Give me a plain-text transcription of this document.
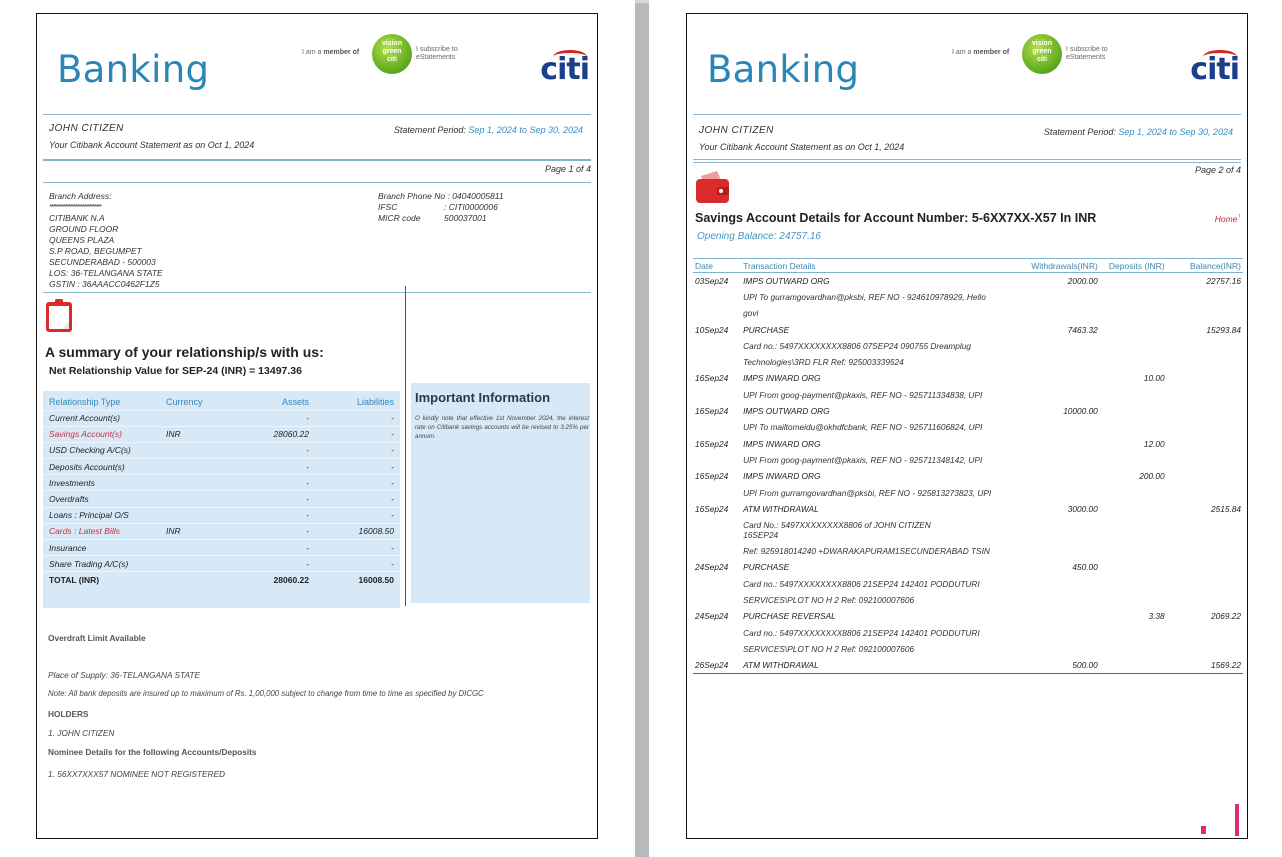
Banking	I am a member of
vision
green
citi
I subscribe to
eStatements	citi
JOHN CITIZEN
Your Citibank Account Statement as on Oct 1, 2024
Statement Period: Sep 1, 2024 to Sep 30, 2024
Page 1 of 4
Branch Address:
******************************
CITIBANK N.A
GROUND FLOOR
QUEENS PLAZA
S.P ROAD, BEGUMPET
SECUNDERABAD - 500003
LOS: 36-TELANGANA STATE
GSTIN : 36AAACC0462F1Z5
Branch Phone No : 04040005811
IFSC	: CITI0000006
MICR code	500037001
A summary of your relationship/s with us:
Net Relationship Value for SEP-24 (INR) = 13497.36
Relationship Type	Currency	Assets	Liabilities
Current Account(s)		-	-
Savings Account(s)	INR	28060.22	-
USD Checking A/C(s)		-	-
Deposits Account(s)		-	-
Investments		-	-
Overdrafts		-	-
Loans : Principal O/S		-	-
Cards : Latest Bills	INR	-	16008.50
Insurance		-	-
Share Trading A/C(s)		-	-
TOTAL (INR)		28060.22	16008.50
Important Information
O kindly note that effective 1st November 2024, the interest rate on Citibank savings accounts will be revised to 3.25% per annum.
Overdraft Limit Available
Place of Supply: 36-TELANGANA STATE
Note: All bank deposits are insured up to maximum of Rs. 1,00,000 subject to change from time to time as specified by DICGC
HOLDERS
1. JOHN CITIZEN
Nominee Details for the following Accounts/Deposits
1. 56XX7XXX57 NOMINEE NOT REGISTERED
Banking	I am a member of
vision
green
citi
I subscribe to
eStatements	citi
JOHN CITIZEN
Your Citibank Account Statement as on Oct 1, 2024
Statement Period: Sep 1, 2024 to Sep 30, 2024
Page 2 of 4
Savings Account Details for Account Number: 5-6XX7XX-X57 In INR	Home↑
Opening Balance: 24757.16
Date	Transaction Details	Withdrawals(INR)	Deposits (INR)	Balance(INR)
03Sep24	IMPS OUTWARD ORG	2000.00		22757.16
	UPI To gurramgovardhan@pksbi, REF NO - 924610978929, Hello			
	govi			
10Sep24	PURCHASE	7463.32		15293.84
	Card no.: 5497XXXXXXXX8806 07SEP24 090755 Dreamplug			
	Technologies\3RD FLR Ref: 925003339524			
16Sep24	IMPS INWARD ORG		10.00	
	UPI From goog-payment@pkaxis, REF NO - 925711334838, UPI			
16Sep24	IMPS OUTWARD ORG	10000.00		
	UPI To mailtomeidu@okhdfcbank, REF NO - 925711606824, UPI			
16Sep24	IMPS INWARD ORG		12.00	
	UPI From goog-payment@pkaxis, REF NO - 925711348142, UPI			
16Sep24	IMPS INWARD ORG		200.00	
	UPI From gurramgovardhan@pksbi, REF NO - 925813273823, UPI			
16Sep24	ATM WITHDRAWAL	3000.00		2515.84

	Card No.: 5497XXXXXXXX8806 of JOHN CITIZEN 16SEP24			

	Ref: 925918014240 +DWARAKAPURAM1SECUNDERABAD TSIN			
24Sep24	PURCHASE	450.00		
	Card no.: 5497XXXXXXXX8806 21SEP24 142401 PODDUTURI			
	SERVICES\PLOT NO H 2 Ref: 092100007606			
24Sep24	PURCHASE REVERSAL		3.38	2069.22
	Card no.: 5497XXXXXXXX8806 21SEP24 142401 PODDUTURI			
	SERVICES\PLOT NO H 2 Ref: 092100007606			
26Sep24	ATM WITHDRAWAL	500.00		1569.22
